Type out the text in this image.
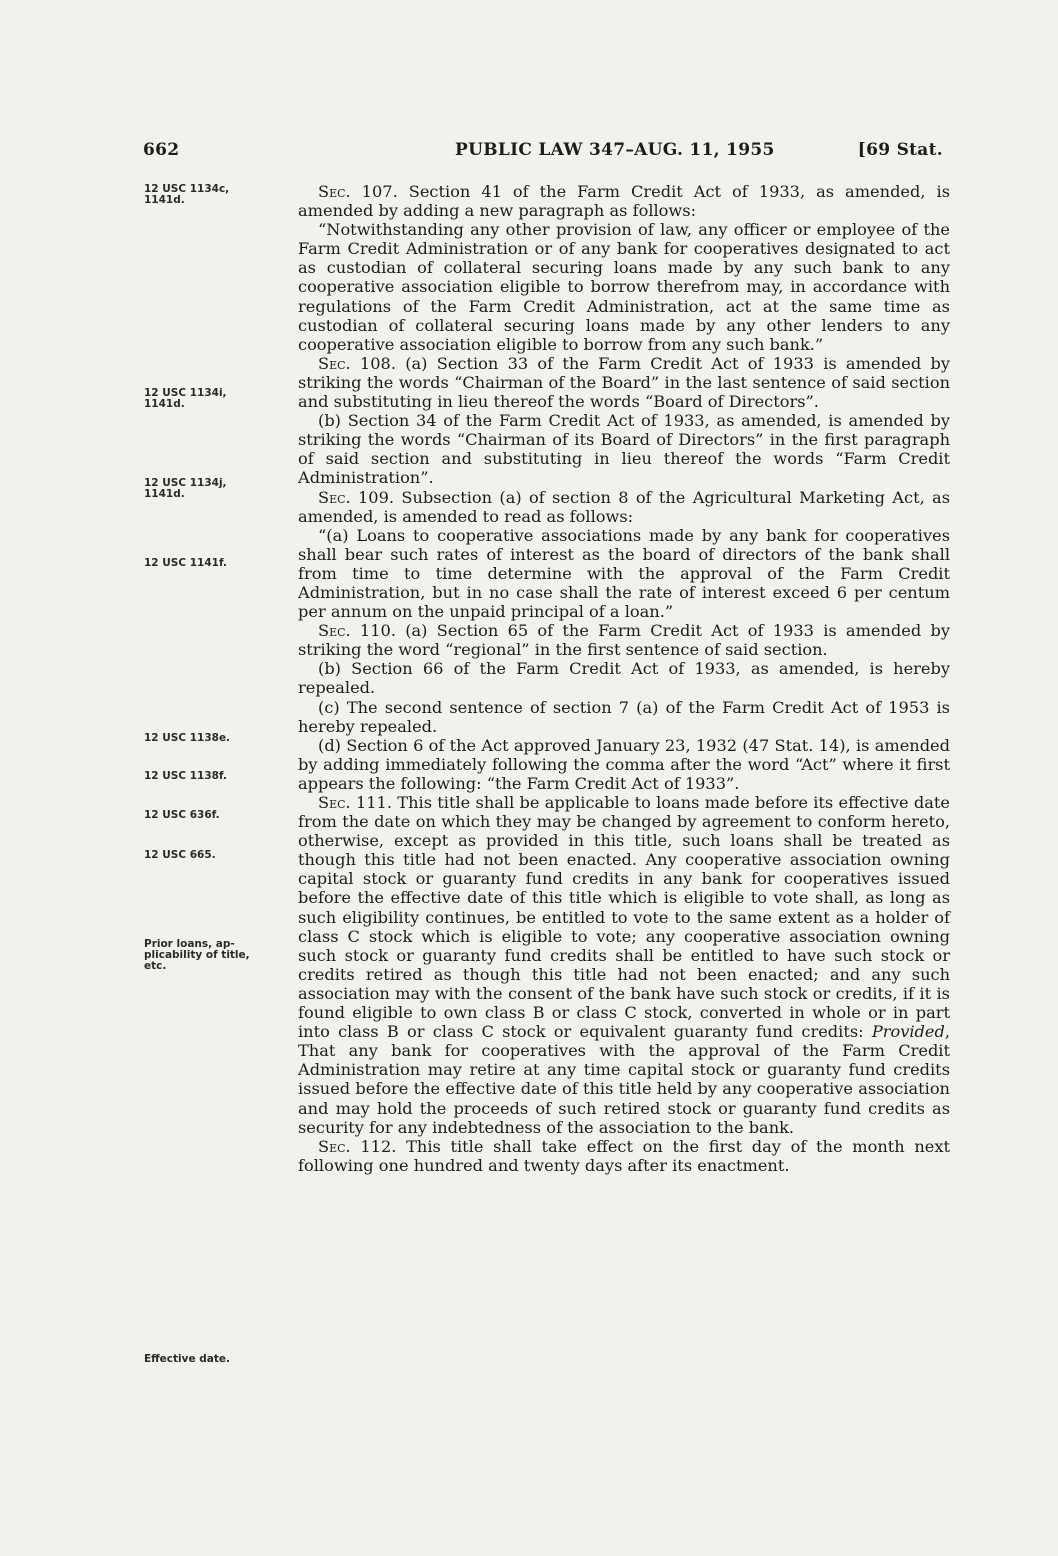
662	PUBLIC LAW 347–AUG. 11, 1955	[69 Stat.
12 USC 1134c,
1141d.
12 USC 1134i,
1141d.
12 USC 1134j,
1141d.
12 USC 1141f.
12 USC 1138e.
12 USC 1138f.
12 USC 636f.
12 USC 665.
Prior loans, ap-
plicability of title,
etc.
Effective date.

Sec. 107. Section 41 of the Farm Credit Act of 1933, as amended, is amended by adding a new paragraph as follows:

“Notwithstanding any other provision of law, any officer or employee of the Farm Credit Administration or of any bank for cooperatives designated to act as custodian of collateral securing loans made by any such bank to any cooperative association eligible to borrow therefrom may, in accordance with regulations of the Farm Credit Administration, act at the same time as custodian of collateral securing loans made by any other lenders to any cooperative association eligible to borrow from any such bank.”

Sec. 108. (a) Section 33 of the Farm Credit Act of 1933 is amended by striking the words “Chairman of the Board” in the last sentence of said section and substituting in lieu thereof the words “Board of Directors”.

(b) Section 34 of the Farm Credit Act of 1933, as amended, is amended by striking the words “Chairman of its Board of Directors” in the first paragraph of said section and substituting in lieu thereof the words “Farm Credit Administration”.

Sec. 109. Subsection (a) of section 8 of the Agricultural Marketing Act, as amended, is amended to read as follows:

“(a) Loans to cooperative associations made by any bank for cooperatives shall bear such rates of interest as the board of directors of the bank shall from time to time determine with the approval of the Farm Credit Administration, but in no case shall the rate of interest exceed 6 per centum per annum on the unpaid principal of a loan.”

Sec. 110. (a) Section 65 of the Farm Credit Act of 1933 is amended by striking the word “regional” in the first sentence of said section.

(b) Section 66 of the Farm Credit Act of 1933, as amended, is hereby repealed.

(c) The second sentence of section 7 (a) of the Farm Credit Act of 1953 is hereby repealed.

(d) Section 6 of the Act approved January 23, 1932 (47 Stat. 14), is amended by adding immediately following the comma after the word “Act” where it first appears the following: “the Farm Credit Act of 1933”.

Sec. 111. This title shall be applicable to loans made before its effective date from the date on which they may be changed by agreement to conform hereto, otherwise, except as provided in this title, such loans shall be treated as though this title had not been enacted. Any cooperative association owning capital stock or guaranty fund credits in any bank for cooperatives issued before the effective date of this title which is eligible to vote shall, as long as such eligibility continues, be entitled to vote to the same extent as a holder of class C stock which is eligible to vote; any cooperative association owning such stock or guaranty fund credits shall be entitled to have such stock or credits retired as though this title had not been enacted; and any such association may with the consent of the bank have such stock or credits, if it is found eligible to own class B or class C stock, converted in whole or in part into class B or class C stock or equivalent guaranty fund credits: Provided, That any bank for cooperatives with the approval of the Farm Credit Administration may retire at any time capital stock or guaranty fund credits issued before the effective date of this title held by any cooperative association and may hold the proceeds of such retired stock or guaranty fund credits as security for any indebtedness of the association to the bank.

Sec. 112. This title shall take effect on the first day of the month next following one hundred and twenty days after its enactment.
